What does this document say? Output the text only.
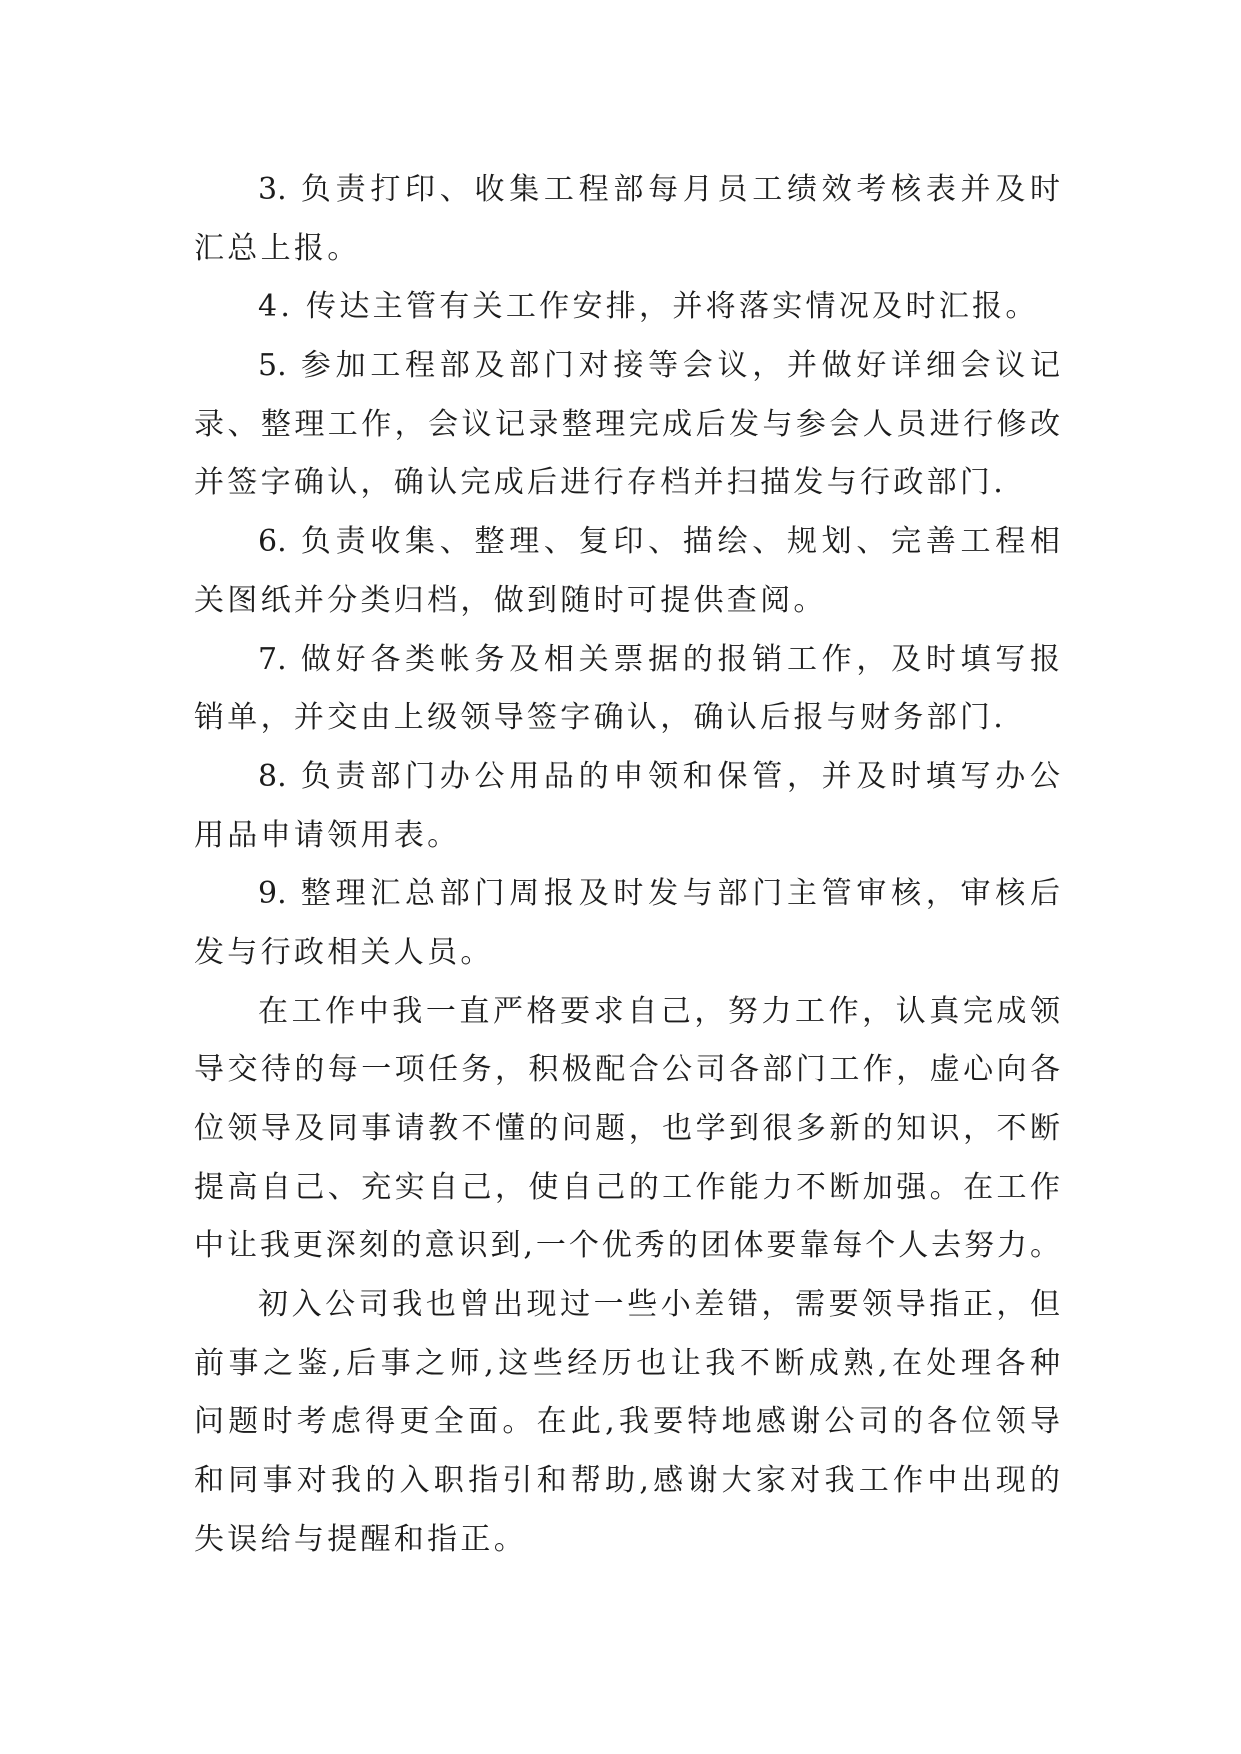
3. 负责打印、收集工程部每月员工绩效考核表并及时
汇总上报。
4. 传达主管有关工作安排，并将落实情况及时汇报。
5. 参加工程部及部门对接等会议，并做好详细会议记
录、整理工作，会议记录整理完成后发与参会人员进行修改
并签字确认，确认完成后进行存档并扫描发与行政部门.
6. 负责收集、整理、复印、描绘、规划、完善工程相
关图纸并分类归档，做到随时可提供查阅。
7. 做好各类帐务及相关票据的报销工作，及时填写报
销单，并交由上级领导签字确认，确认后报与财务部门.
8. 负责部门办公用品的申领和保管，并及时填写办公
用品申请领用表。
9. 整理汇总部门周报及时发与部门主管审核，审核后
发与行政相关人员。
在工作中我一直严格要求自己，努力工作，认真完成领
导交待的每一项任务，积极配合公司各部门工作，虚心向各
位领导及同事请教不懂的问题，也学到很多新的知识，不断
提高自己、充实自己，使自己的工作能力不断加强。在工作
中让我更深刻的意识到,一个优秀的团体要靠每个人去努力。
初入公司我也曾出现过一些小差错，需要领导指正，但
前事之鉴,后事之师,这些经历也让我不断成熟,在处理各种
问题时考虑得更全面。在此,我要特地感谢公司的各位领导
和同事对我的入职指引和帮助,感谢大家对我工作中出现的
失误给与提醒和指正。
